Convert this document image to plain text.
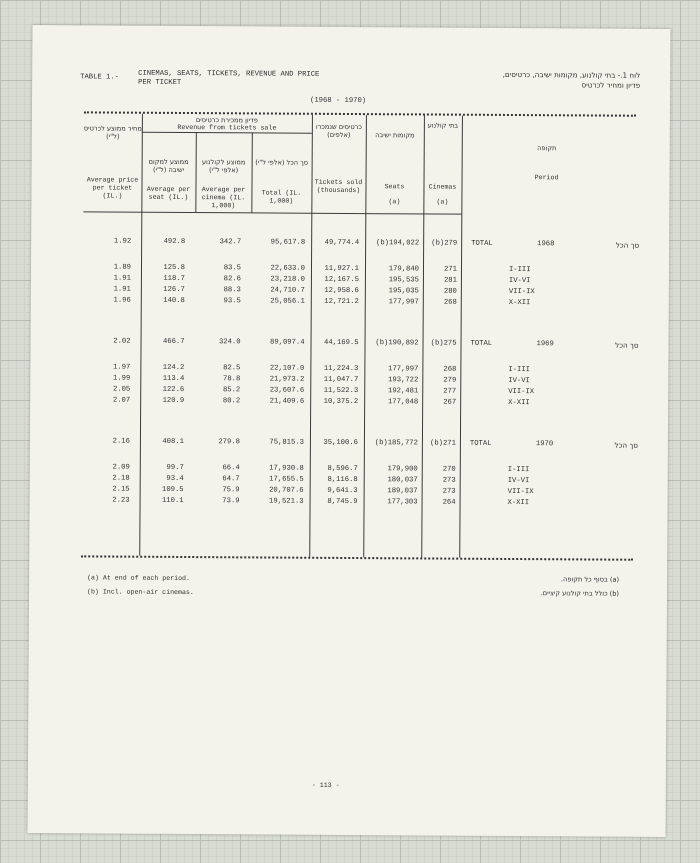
TABLE 1.-	CINEMAS, SEATS, TICKETS, REVENUE AND PRICE
PER TICKET
לוח 1.- בתי קולנוע, מקומות ישיבה, כרטיסים,
פדיון ומחיר לכרטיס
(1968 - 1970)
מחיר ממוצע לכרטיס (ל"י)
Average price per ticket (IL.)
פדיון ממכירת כרטיסים
Revenue from tickets sale
ממוצע למקום ישיבה (ל"י)
Average per seat (IL.)
ממוצע לקולנוע (אלפי ל"י)
Average per cinema (IL. 1,000)
סך הכל (אלפי ל"י)
Total (IL. 1,000)
כרטיסים שנמכרו (אלפים)
Tickets sold (thousands)
מקומות ישיבה
Seats
(a)
בתי קולנוע
Cinemas
(a)
תקופה
Period
1.92	492.8	342.7	95,617.8	49,774.4	(b)194,022	(b)279 TOTAL	1968	סך הכל
1.89	125.8	83.5	22,633.0	11,927.1	179,840	271	I-III
1.91	118.7	82.6	23,218.0	12,167.5	195,535	281	IV-VI
1.91	126.7	88.3	24,710.7	12,958.6	195,035	280	VII-IX
1.96	140.8	93.5	25,056.1	12,721.2	177,997	268	X-XII
2.02	466.7	324.0	89,097.4	44,169.5	(b)190,892	(b)275 TOTAL	1969	סך הכל
1.97	124.2	82.5	22,107.0	11,224.3	177,997	268	I-III
1.99	113.4	78.8	21,973.2	11,047.7	193,722	279	IV-VI
2.05	122.6	85.2	23,607.6	11,522.3	192,481	277	VII-IX
2.07	120.9	80.2	21,409.6	10,375.2	177,048	267	X-XII
2.16	408.1	279.8	75,815.3	35,100.6	(b)185,772	(b)271 TOTAL	1970	סך הכל
2.09	99.7	66.4	17,930.8	8,596.7	179,900	270	I-III
2.18	93.4	64.7	17,655.5	8,116.8	180,037	273	IV-VI
2.15	109.5	75.9	20,707.6	9,641.3	189,037	273	VII-IX
2.23	110.1	73.9	19,521.3	8,745.9	177,303	264	X-XII
(a) At end of each period.
(b) Incl. open-air cinemas.
(a) בסוף כל תקופה.
(b) כולל בתי קולנוע קיציים.
- 113 -
